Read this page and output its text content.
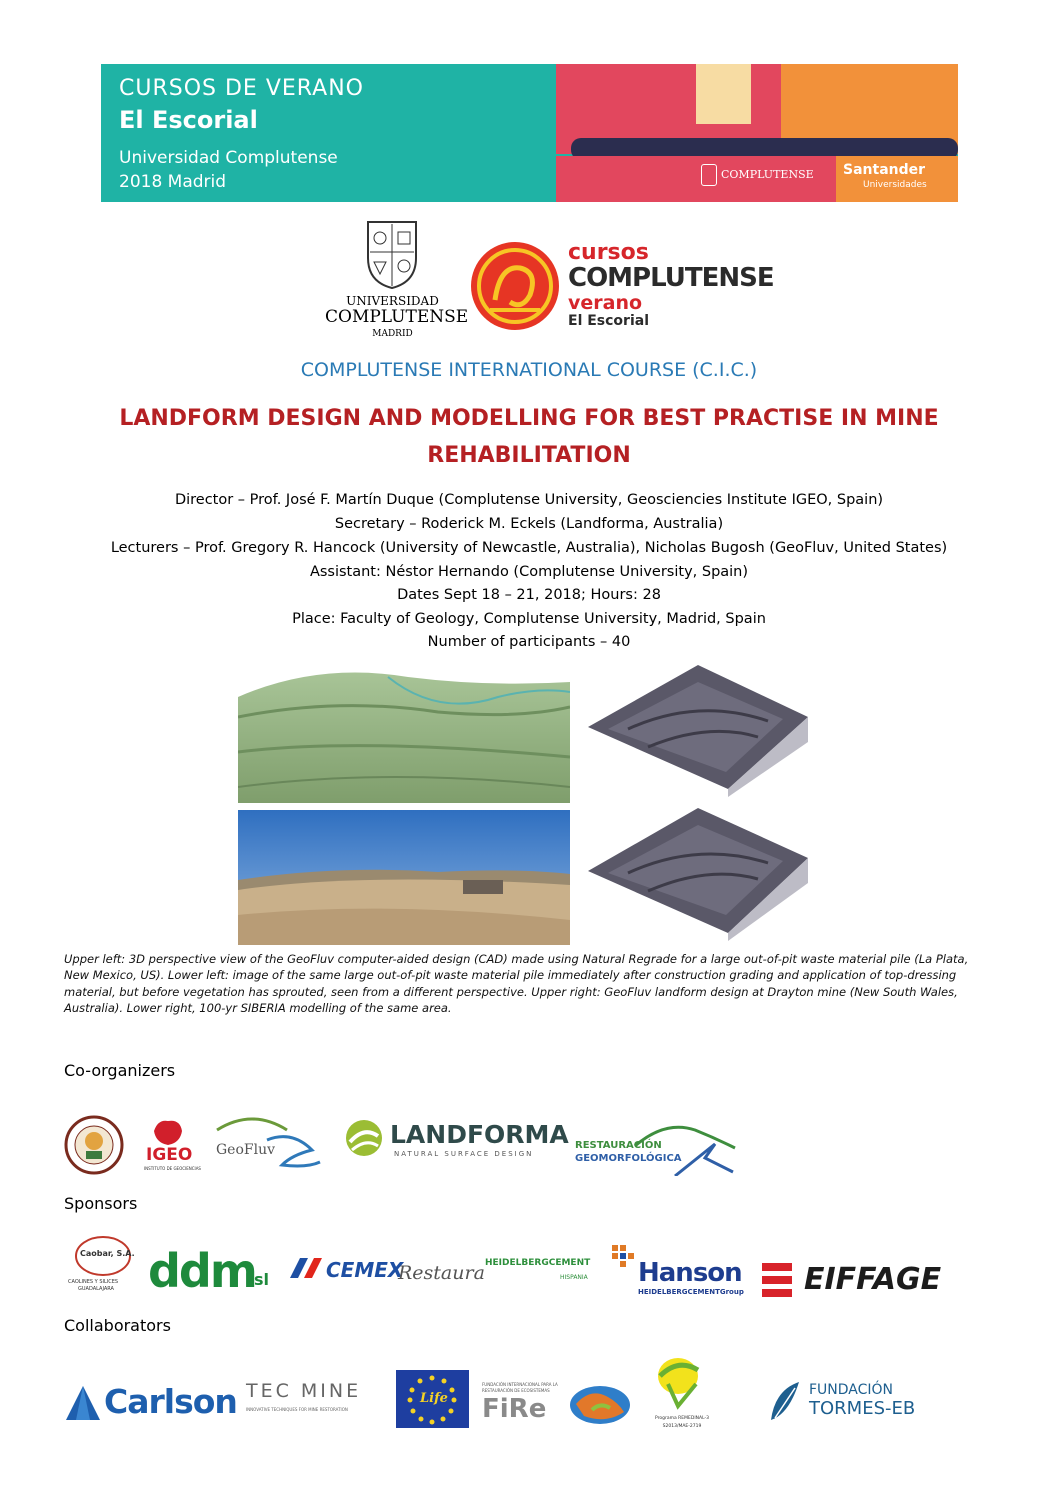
CURSOS DE VERANO
El Escorial
Universidad Complutense
2018 Madrid	COMPLUTENSE Santander
Universidades
UNIVERSIDAD
COMPLUTENSE
MADRID
cursos
COMPLUTENSE
verano
El Escorial
COMPLUTENSE INTERNATIONAL COURSE (C.I.C.)
LANDFORM DESIGN AND MODELLING FOR BEST PRACTISE IN MINE
REHABILITATION
Director – Prof. José F. Martín Duque (Complutense University, Geosciencies Institute IGEO, Spain)
Secretary – Roderick M. Eckels (Landforma, Australia)
Lecturers – Prof. Gregory R. Hancock (University of Newcastle, Australia), Nicholas Bugosh (GeoFluv, United States)
Assistant: Néstor Hernando (Complutense University, Spain)
Dates Sept 18 – 21, 2018; Hours: 28
Place: Faculty of Geology, Complutense University, Madrid, Spain
Number of participants – 40
Upper left: 3D perspective view of the GeoFluv computer-aided design (CAD) made using Natural Regrade for a large out-of-pit waste material pile (La Plata, New Mexico, US). Lower left: image of the same large out-of-pit waste material pile immediately after construction grading and application of top-dressing material, but before vegetation has sprouted, seen from a different perspective. Upper right: GeoFluv landform design at Drayton mine (New South Wales, Australia). Lower right, 100-yr SIBERIA modelling of the same area.
Co-organizers
IGEO
INSTITUTO DE GEOCIENCIAS
GeoFluv
LANDFORMA
NATURAL SURFACE DESIGN
RESTAURACIÓN
GEOMORFOLÓGICA
Sponsors
Caobar, S.A.
CAOLINES Y SILICES
GUADALAJARA ddm
sl	CEMEX
Restaura HEIDELBERGCEMENT
HISPANIA Hanson
HEIDELBERGCEMENTGroup EIFFAGE
Collaborators
Carlson TEC MINE
INNOVATIVE TECHNIQUES FOR MINE RESTORATION
Life
FUNDACIÓN INTERNACIONAL PARA LA
RESTAURACIÓN DE ECOSISTEMAS
FiRe	Programa REMEDINAL-3
S2013/MAE-2719
FUNDACIÓN
TORMES-EB
